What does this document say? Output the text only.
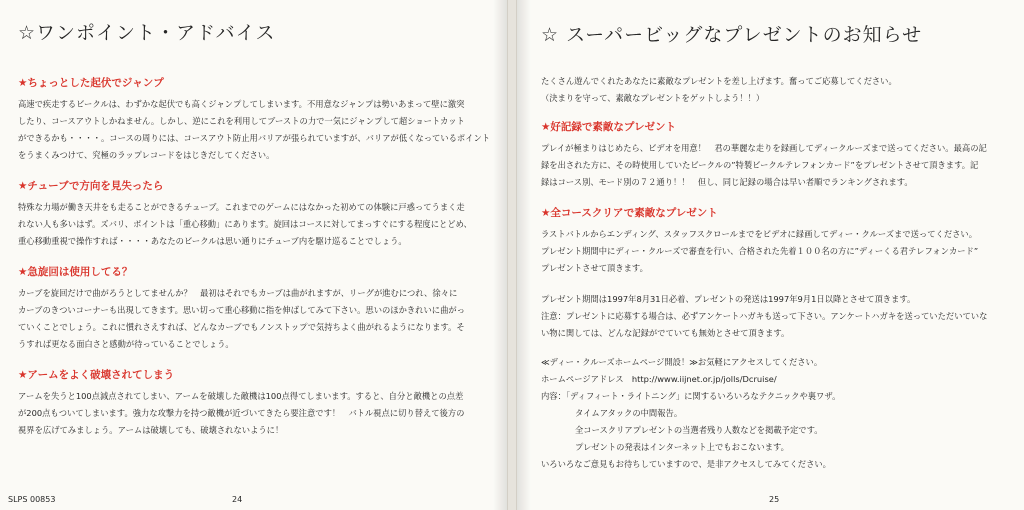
☆ワンポイント・アドバイス
★ちょっとした起伏でジャンプ
高速で疾走するビークルは、わずかな起伏でも高くジャンプしてしまいます。不用意なジャンプは勢いあまって壁に激突
したり、コースアウトしかねません。しかし、逆にこれを利用してブーストの力で一気にジャンプして超ショートカット
ができるかも・・・・。コースの周りには、コースアウト防止用バリアが張られていますが、バリアが低くなっているポイント
をうまくみつけて、究極のラップレコードをはじきだしてください。
★チューブで方向を見失ったら
特殊な力場が働き天井をも走ることができるチューブ。これまでのゲームにはなかった初めての体験に戸惑ってうまく走
れない人も多いはず。ズバリ、ポイントは「重心移動」にあります。旋回はコースに対してまっすぐにする程度にとどめ、
重心移動重視で操作すれば・・・・あなたのビークルは思い通りにチューブ内を駆け巡ることでしょう。
★急旋回は使用してる？
カーブを旋回だけで曲がろうとしてませんか？　最初はそれでもカーブは曲がれますが、リーグが進むにつれ、徐々に
カーブのきついコーナーも出現してきます。思い切って重心移動に指を伸ばしてみて下さい。思いのほかきれいに曲がっ
ていくことでしょう。これに慣れさえすれば、どんなカーブでもノンストップで気持ちよく曲がれるようになります。そ
うすれば更なる面白さと感動が待っていることでしょう。
★アームをよく破壊されてしまう
アームを失うと100点減点されてしまい、アームを破壊した敵機は100点得てしまいます。すると、自分と敵機との点差
が200点もついてしまいます。強力な攻撃力を持つ敵機が近づいてきたら要注意です！　バトル視点に切り替えて後方の
視界を広げてみましょう。アームは破壊しても、破壊されないように！
SLPS 00853	24
☆ スーパービッグなプレゼントのお知らせ
たくさん遊んでくれたあなたに素敵なプレゼントを差し上げます。奮ってご応募してください。
（決まりを守って、素敵なプレゼントをゲットしよう！！）
★好記録で素敵なプレゼント
プレイが極まりはじめたら、ビデオを用意！　君の華麗な走りを録画してディークルーズまで送ってください。最高の記
録を出された方に、その時使用していたビークルの”特製ビークルテレフォンカード”をプレゼントさせて頂きます。記
録はコース別、モード別の７２通り！！　但し、同じ記録の場合は早い者順でランキングされます。
★全コースクリアで素敵なプレゼント
ラストバトルからエンディング、スタッフスクロールまでをビデオに録画してディー・クルーズまで送ってください。
プレゼント期間中にディー・クルーズで審査を行い、合格された先着１００名の方に”ディーくる君テレフォンカード”
プレゼントさせて頂きます。
プレゼント期間は1997年8月31日必着、プレゼントの発送は1997年9月1日以降とさせて頂きます。
注意：プレゼントに応募する場合は、必ずアンケートハガキも送って下さい。アンケートハガキを送っていただいていな
い物に関しては、どんな記録がでていても無効とさせて頂きます。
≪ディー・クルーズホームページ開設！≫お気軽にアクセスしてください。
ホームページアドレス  http://www.iijnet.or.jp/jolls/Dcruise/
内容：「ディフィート・ライトニング」に関するいろいろなテクニックや裏ワザ。
タイムアタックの中間報告。
全コースクリアプレゼントの当選者残り人数などを掲載予定です。
プレゼントの発表はインターネット上でもおこないます。
いろいろなご意見もお待ちしていますので、是非アクセスしてみてください。
25
